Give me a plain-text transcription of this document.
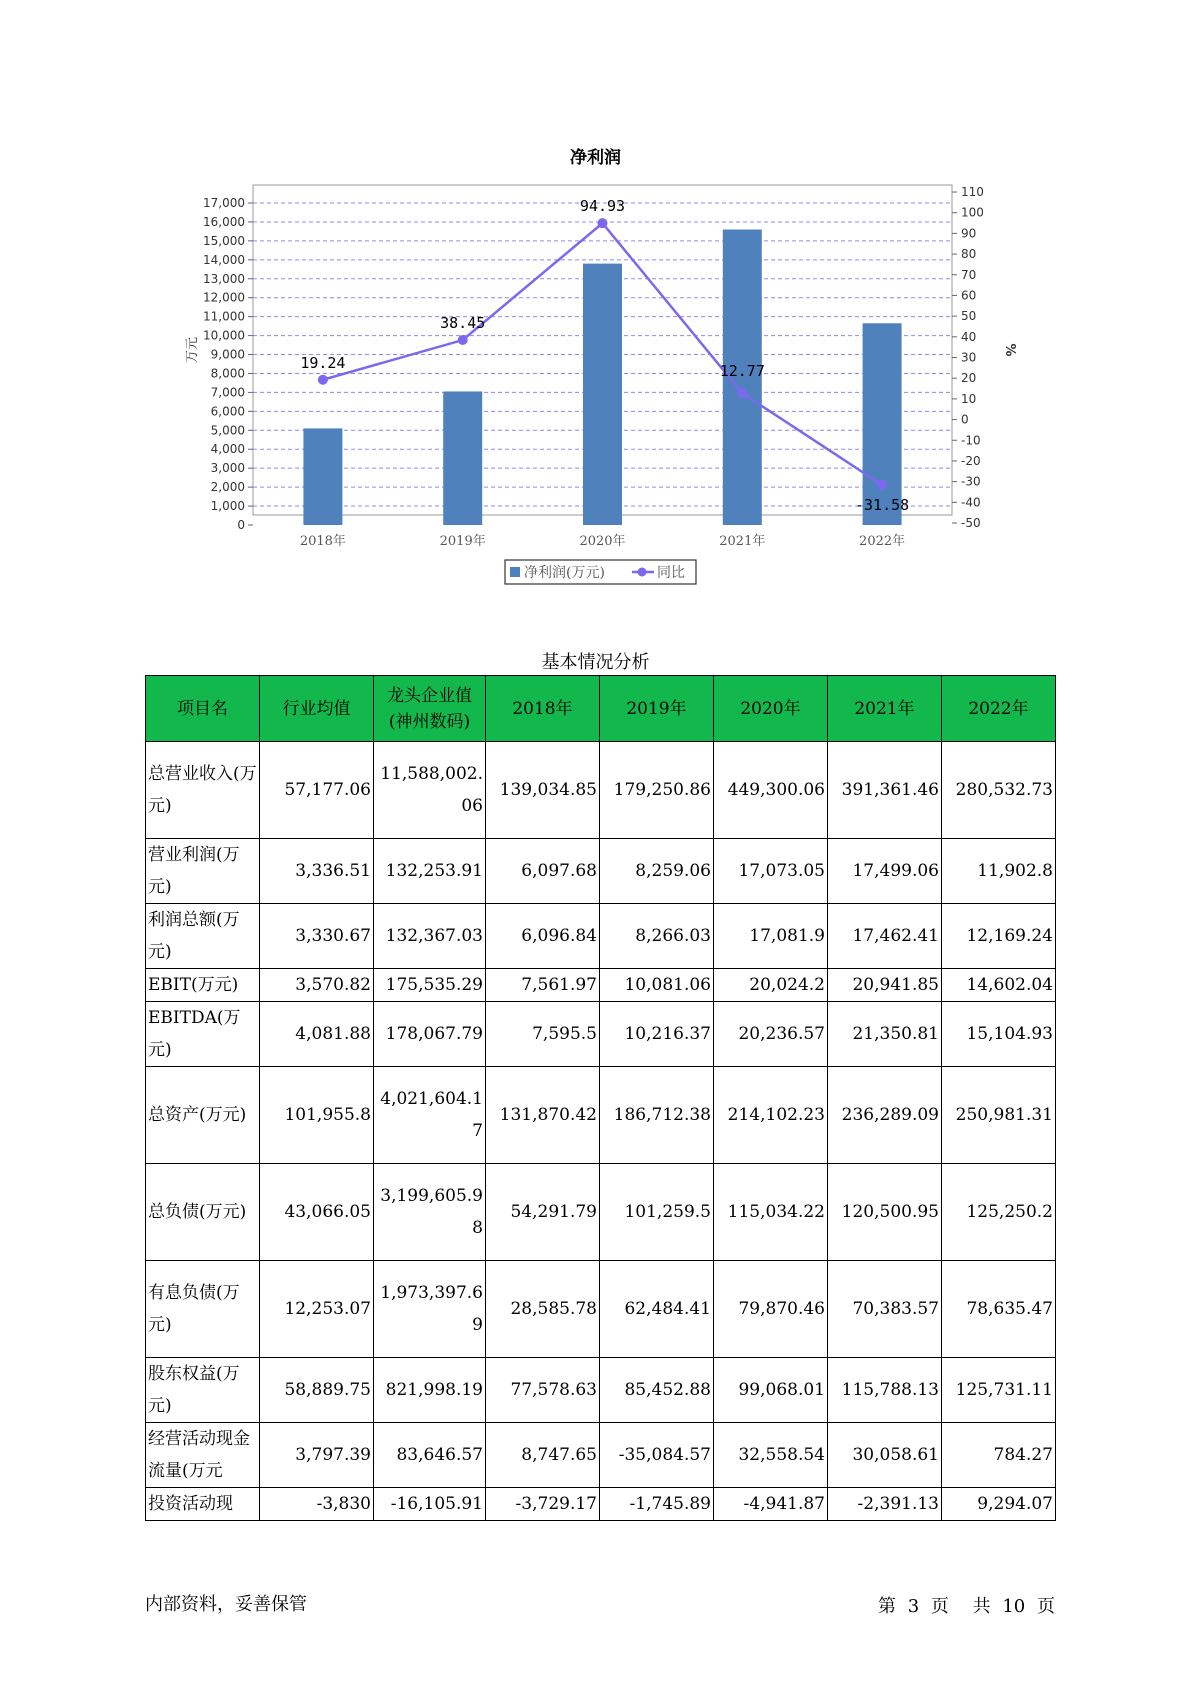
净利润
19.24
38.45
94.93
12.77
-31.58
0
1,000
2,000
3,000
4,000
5,000
6,000
7,000
8,000
9,000
10,000
11,000
12,000
13,000
14,000
15,000
16,000
17,000
-50
-40
-30
-20
-10
0
10
20
30
40
50
60
70
80
90
100
110
万元	%
2018年	2019年	2020年	2021年	2022年
净利润(万元)	同比
基本情况分析
项目名	行业均值	龙头企业值(神州数码)	2018年	2019年	2020年	2021年	2022年
总营业收入(万元)	57,177.06	11,588,002.06	139,034.85	179,250.86	449,300.06	391,361.46	280,532.73
营业利润(万元)	3,336.51	132,253.91	6,097.68	8,259.06	17,073.05	17,499.06	11,902.8
利润总额(万元)	3,330.67	132,367.03	6,096.84	8,266.03	17,081.9	17,462.41	12,169.24
EBIT(万元)	3,570.82	175,535.29	7,561.97	10,081.06	20,024.2	20,941.85	14,602.04
EBITDA(万元)	4,081.88	178,067.79	7,595.5	10,216.37	20,236.57	21,350.81	15,104.93
总资产(万元)	101,955.8	4,021,604.17	131,870.42	186,712.38	214,102.23	236,289.09	250,981.31
总负债(万元)	43,066.05	3,199,605.98	54,291.79	101,259.5	115,034.22	120,500.95	125,250.2
有息负债(万元)	12,253.07	1,973,397.69	28,585.78	62,484.41	79,870.46	70,383.57	78,635.47
股东权益(万元)	58,889.75	821,998.19	77,578.63	85,452.88	99,068.01	115,788.13	125,731.11
经营活动现金流量(万元	3,797.39	83,646.57	8,747.65	-35,084.57	32,558.54	30,058.61	784.27
投资活动现	-3,830	-16,105.91	-3,729.17	-1,745.89	-4,941.87	-2,391.13	9,294.07
内部资料，妥善保管	第 3 页 共 10 页
